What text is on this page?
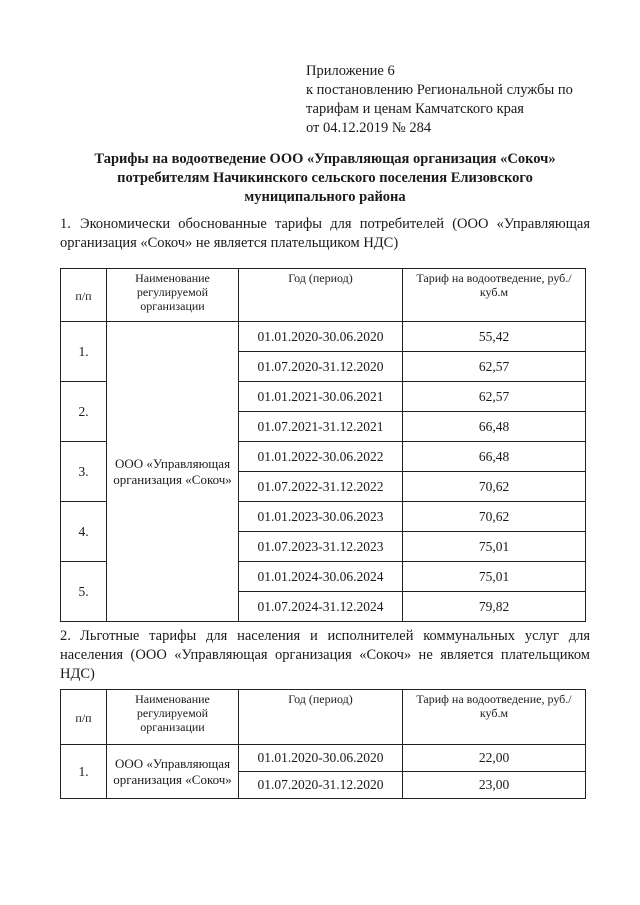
Приложение 6
к постановлению Региональной службы по
тарифам и ценам Камчатского края
от 04.12.2019 № 284
Тарифы на водоотведение ООО «Управляющая организация «Сокоч»
потребителям Начикинского сельского поселения Елизовского
муниципального района
1. Экономически обоснованные тарифы для потребителей (ООО «Управляющая организация «Сокоч» не является плательщиком НДС)
п/п	Наименование регулируемой организации	Год (период)	Тариф на водоотведение, руб./куб.м
1.	ООО «Управляющая организация «Сокоч»	01.01.2020-30.06.2020	55,42
		01.07.2020-31.12.2020	62,57
2.		01.01.2021-30.06.2021	62,57
		01.07.2021-31.12.2021	66,48
3.		01.01.2022-30.06.2022	66,48
		01.07.2022-31.12.2022	70,62
4.		01.01.2023-30.06.2023	70,62
		01.07.2023-31.12.2023	75,01
5.		01.01.2024-30.06.2024	75,01
		01.07.2024-31.12.2024	79,82
2. Льготные тарифы для населения и исполнителей коммунальных услуг для населения (ООО «Управляющая организация «Сокоч» не является плательщиком НДС)
п/п	Наименование регулируемой организации	Год (период)	Тариф на водоотведение, руб./куб.м
1.	ООО «Управляющая организация «Сокоч»	01.01.2020-30.06.2020	22,00
		01.07.2020-31.12.2020	23,00
